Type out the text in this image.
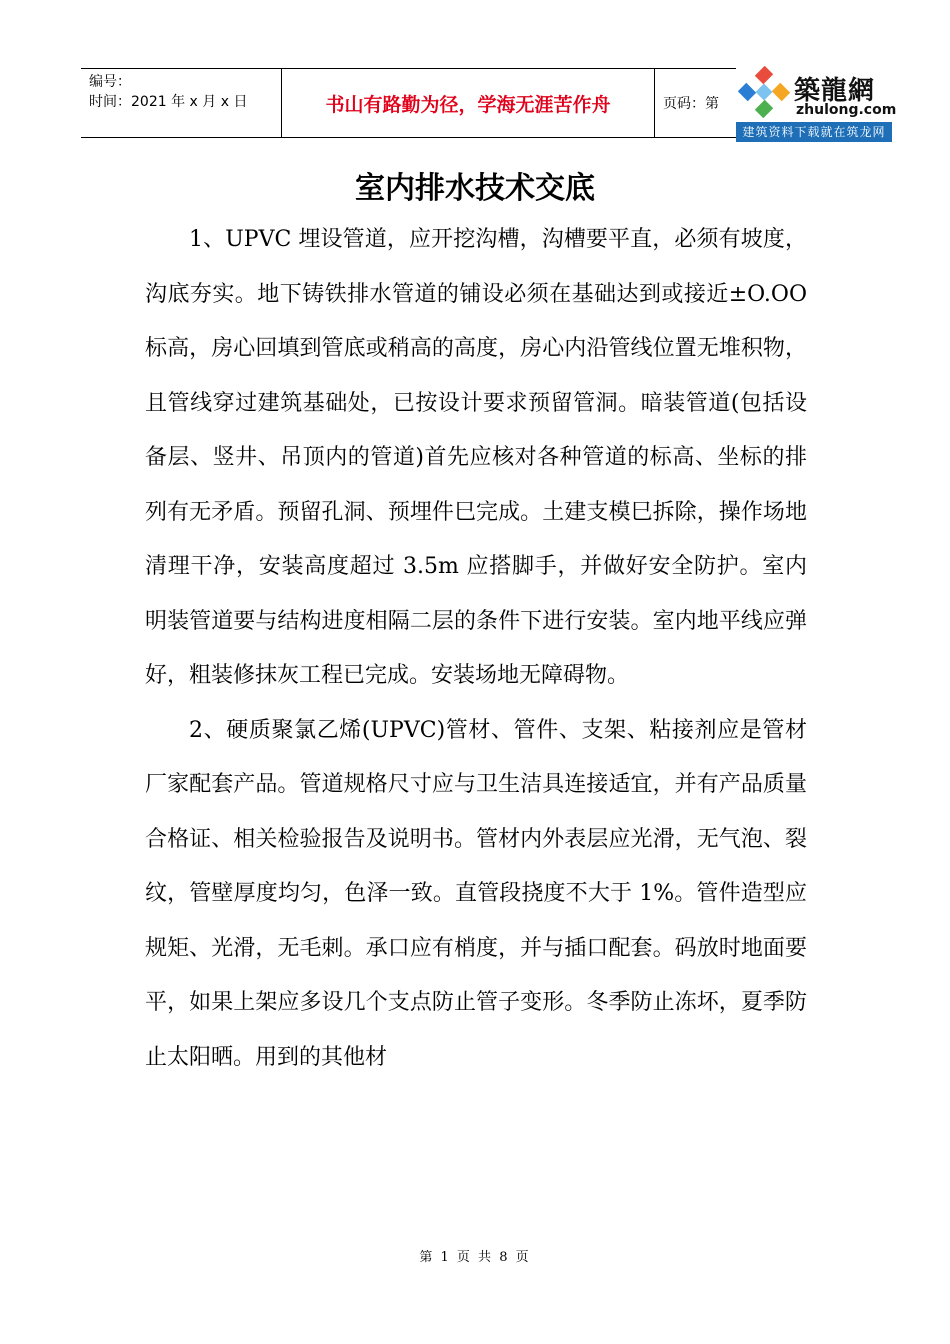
编号：
时间：2021 年 x 月 x 日	书山有路勤为径，学海无涯苦作舟	页码：第	築龍網
zhulong.com
建筑资料下载就在筑龙网
室内排水技术交底

1、UPVC 埋设管道，应开挖沟槽，沟槽要平直，必须有坡度，沟底夯实。地下铸铁排水管道的铺设必须在基础达到或接近±O.OO 标高，房心回填到管底或稍高的高度，房心内沿管线位置无堆积物，且管线穿过建筑基础处，已按设计要求预留管洞。暗装管道(包括设备层、竖井、吊顶内的管道)首先应核对各种管道的标高、坐标的排列有无矛盾。预留孔洞、预埋件巳完成。土建支模巳拆除，操作场地清理干净，安装高度超过 3.5m 应搭脚手，并做好安全防护。室内明装管道要与结构进度相隔二层的条件下进行安装。室内地平线应弹好，粗装修抹灰工程已完成。安装场地无障碍物。

2、硬质聚氯乙烯(UPVC)管材、管件、支架、粘接剂应是管材厂家配套产品。管道规格尺寸应与卫生洁具连接适宜，并有产品质量合格证、相关检验报告及说明书。管材内外表层应光滑，无气泡、裂纹，管壁厚度均匀，色泽一致。直管段挠度不大于 1%。管件造型应规矩、光滑，无毛刺。承口应有梢度，并与插口配套。码放时地面要平，如果上架应多设几个支点防止管子变形。冬季防止冻坏，夏季防止太阳晒。用到的其他材

第 1 页 共 8 页
